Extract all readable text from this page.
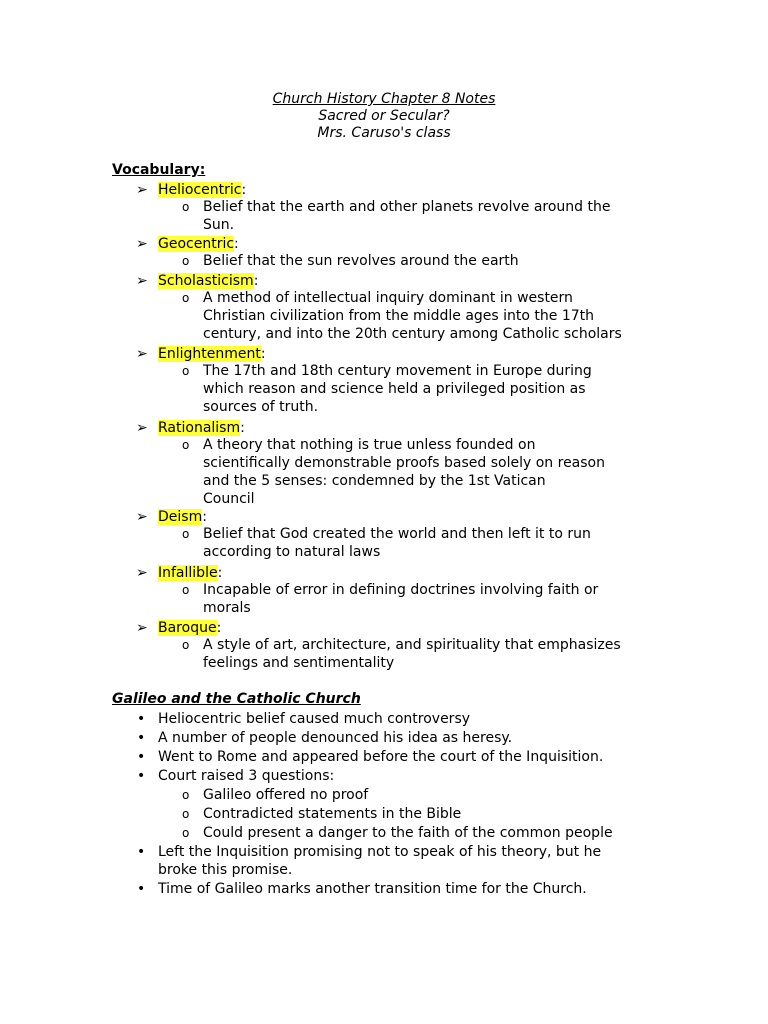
Church History Chapter 8 Notes
Sacred or Secular?
Mrs. Caruso's class
Vocabulary:
➢ Heliocentric:
o Belief that the earth and other planets revolve around the
Sun.
➢ Geocentric:
o Belief that the sun revolves around the earth
➢ Scholasticism:
o A method of intellectual inquiry dominant in western
Christian civilization from the middle ages into the 17th
century, and into the 20th century among Catholic scholars
➢ Enlightenment:
o The 17th and 18th century movement in Europe during
which reason and science held a privileged position as
sources of truth.
➢ Rationalism:
o A theory that nothing is true unless founded on
scientifically demonstrable proofs based solely on reason
and the 5 senses: condemned by the 1st Vatican
Council
➢ Deism:
o Belief that God created the world and then left it to run
according to natural laws
➢ Infallible:
o Incapable of error in defining doctrines involving faith or
morals
➢ Baroque:
o A style of art, architecture, and spirituality that emphasizes
feelings and sentimentality
Galileo and the Catholic Church
• Heliocentric belief caused much controversy
• A number of people denounced his idea as heresy.
• Went to Rome and appeared before the court of the Inquisition.
• Court raised 3 questions:
o Galileo offered no proof
o Contradicted statements in the Bible
o Could present a danger to the faith of the common people
• Left the Inquisition promising not to speak of his theory, but he
broke this promise.
• Time of Galileo marks another transition time for the Church.
